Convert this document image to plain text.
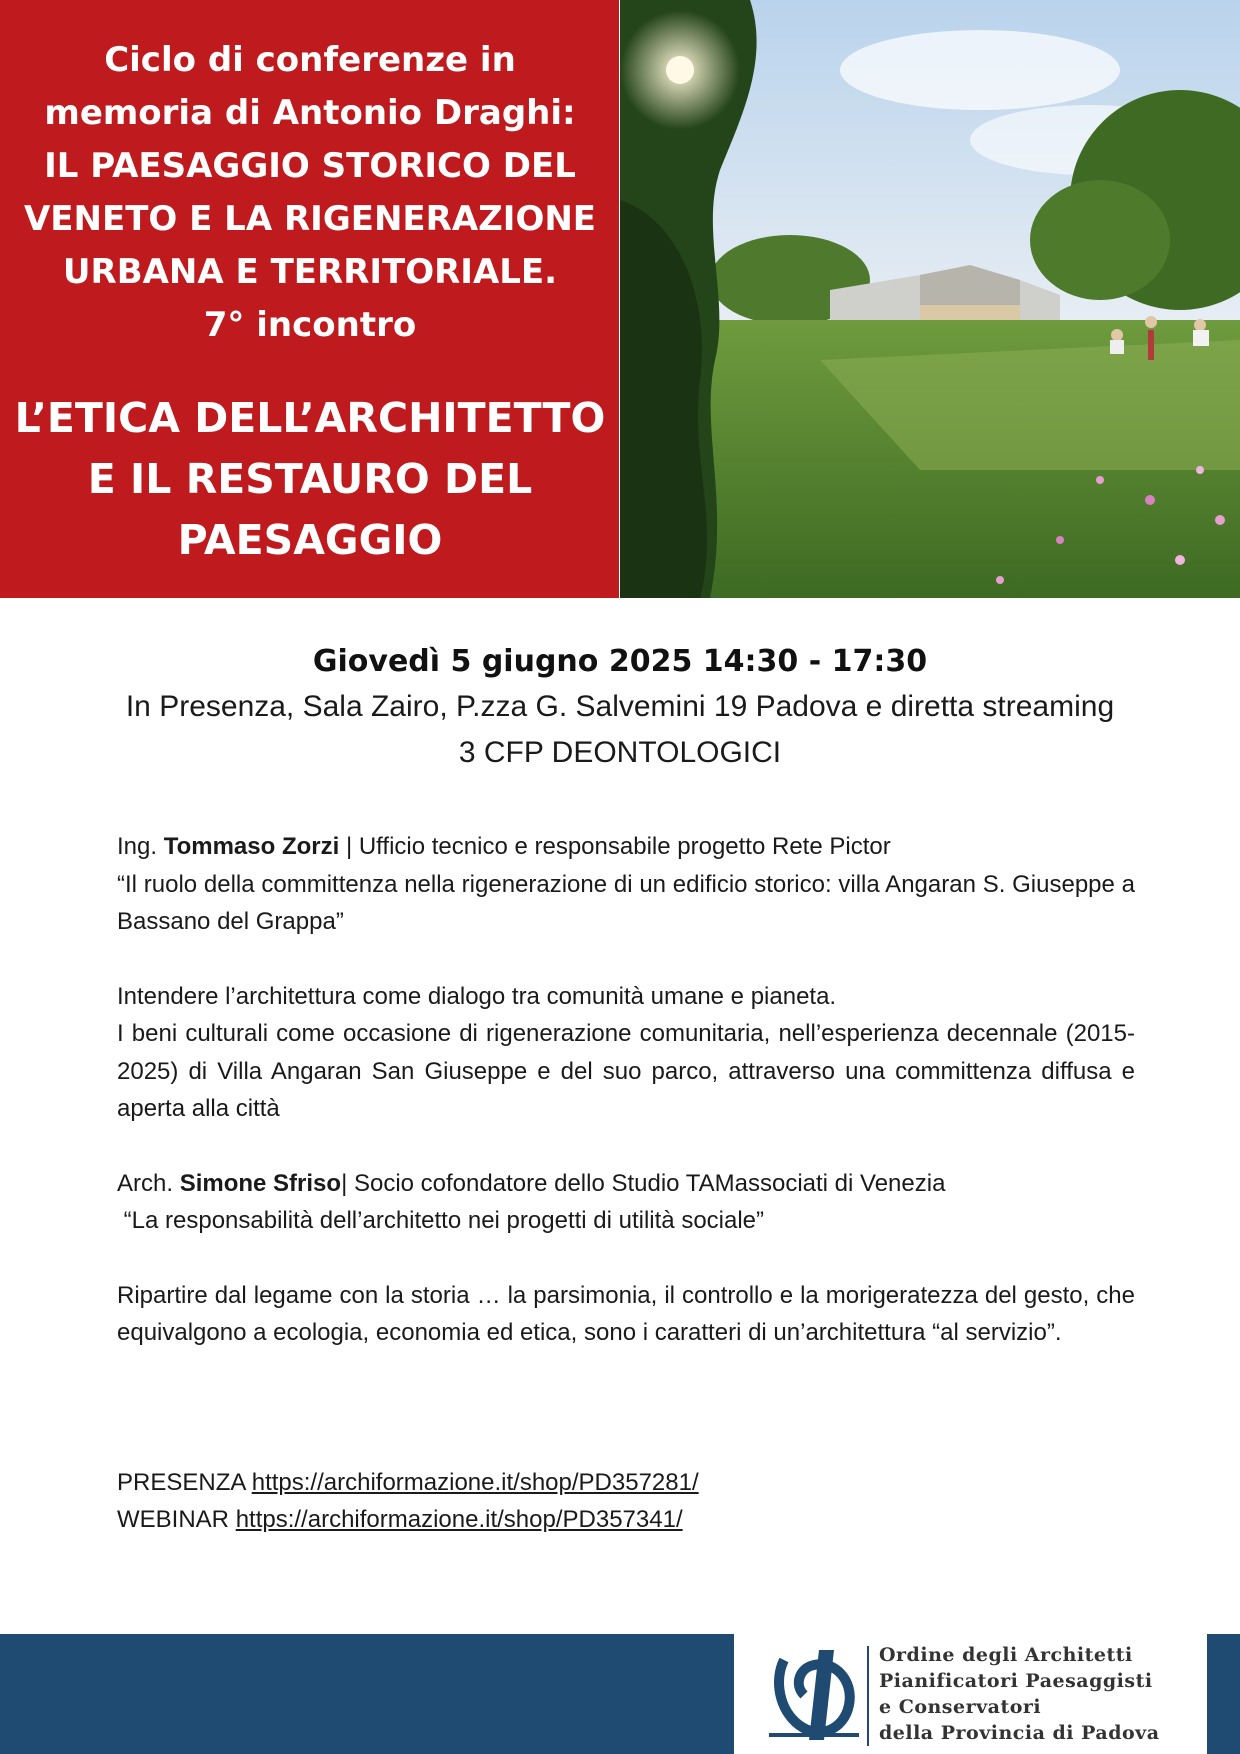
Ciclo di conferenze in
memoria di Antonio Draghi:
IL PAESAGGIO STORICO DEL
VENETO E LA RIGENERAZIONE
URBANA E TERRITORIALE.
7° incontro
L’ETICA DELL’ARCHITETTO
E IL RESTAURO DEL
PAESAGGIO
Giovedì 5 giugno 2025 14:30 - 17:30
In Presenza, Sala Zairo, P.zza G. Salvemini 19 Padova e diretta streaming
3 CFP DEONTOLOGICI

Ing. Tommaso Zorzi | Ufficio tecnico e responsabile progetto Rete Pictor

“Il ruolo della committenza nella rigenerazione di un edificio storico: villa Angaran S. Giuseppe a Bassano del Grappa”

Intendere l’architettura come dialogo tra comunità umane e pianeta.

I beni culturali come occasione di rigenerazione comunitaria, nell’esperienza decennale (2015-2025) di Villa Angaran San Giuseppe e del suo parco, attraverso una committenza diffusa e aperta alla città

Arch. Simone Sfriso| Socio cofondatore dello Studio TAMassociati di Venezia

“La responsabilità dell’architetto nei progetti di utilità sociale”

Ripartire dal legame con la storia … la parsimonia, il controllo e la morigeratezza del gesto, che equivalgono a ecologia, economia ed etica, sono i caratteri di un’architettura “al servizio”.

PRESENZA https://archiformazione.it/shop/PD357281/

WEBINAR https://archiformazione.it/shop/PD357341/

Ordine degli Architetti
Pianificatori Paesaggisti
e Conservatori
della Provincia di Padova
